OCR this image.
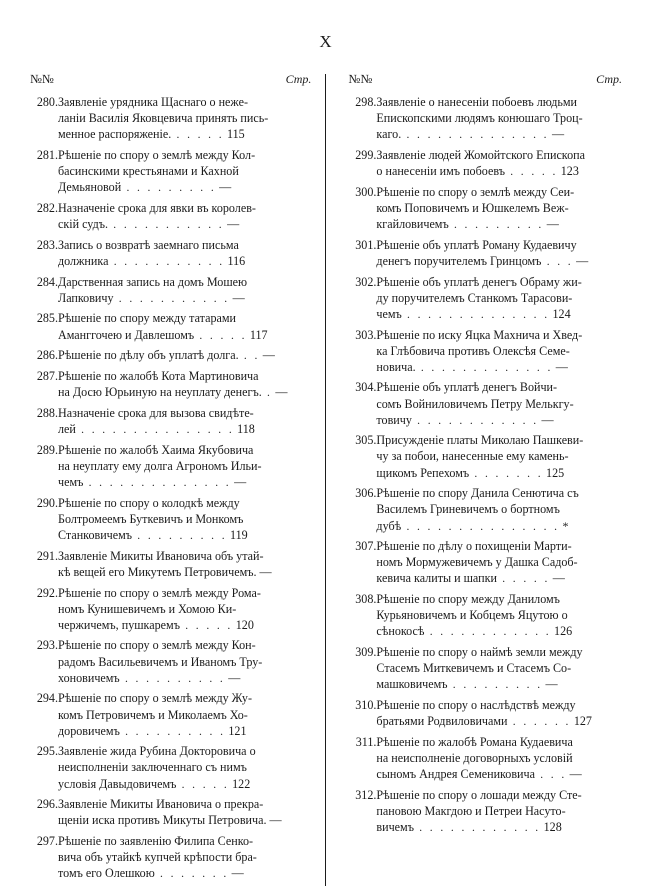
X
№№	Стр.
280.	Заявленіе урядника Щаснаго о неже-
ланіи Василія Яковцевича принять пись-
менное распоряженіе. . . . . . 115

281.	Рѣшеніе по спору о землѣ между Кол-
басинскими крестьянами и Кахной
Демьяновой . . . . . . . . . —

282.	Назначеніе срока для явки въ королев-
скій судъ. . . . . . . . . . . . —

283.	Запись о возвратѣ заемнаго письма
должника . . . . . . . . . . . 116

284.	Дарственная запись на домъ Мошею
Лапковичу . . . . . . . . . . . —

285.	Рѣшеніе по спору между татарами
Аманггочею и Давлешомъ . . . . . 117

286.	Рѣшеніе по дѣлу объ уплатѣ долга. . . —

287.	Рѣшеніе по жалобѣ Кота Мартиновича
на Досю Юрьиную на неуплату денегъ. . —

288.	Назначеніе срока для вызова свидѣте-
лей . . . . . . . . . . . . . . . 118

289.	Рѣшеніе по жалобѣ Хаима Якубовича
на неуплату ему долга Агрономъ Ильи-
чемъ . . . . . . . . . . . . . . —

290.	Рѣшеніе по спору о колодкѣ между
Болтромеемъ Буткевичъ и Монкомъ
Станковичемъ . . . . . . . . . 119

291.	Заявленіе Микиты Ивановича объ утай-
кѣ вещей его Микутемъ Петровичемъ. —

292.	Рѣшеніе по спору о землѣ между Рома-
номъ Кунишевичемъ и Хомою Ки-
чержичемъ, пушкаремъ . . . . . 120

293.	Рѣшеніе по спору о землѣ между Кон-
радомъ Васильевичемъ и Иваномъ Тру-
хоновичемъ . . . . . . . . . . —

294.	Рѣшеніе по спору о землѣ между Жу-
комъ Петровичемъ и Миколаемъ Хо-
доровичемъ . . . . . . . . . . 121

295.	Заявленіе жида Рубина Докторовича о
неисполненіи заключеннаго съ нимъ
условія Давыдовичемъ . . . . . 122

296.	Заявленіе Микиты Ивановича о прекра-
щеніи иска противъ Микуты Петровича. —

297.	Рѣшеніе по заявленію Филипа Сенко-
вича объ утайкѣ купчей крѣпости бра-
томъ его Олешкою . . . . . . . —
№№	Стр.
298.	Заявленіе о нанесеніи побоевъ людьми
Епископскими людямъ конюшаго Троц-
каго. . . . . . . . . . . . . . . —

299.	Заявленіе людей Жомойтского Епископа
о нанесеніи имъ побоевъ . . . . . 123

300.	Рѣшеніе по спору о землѣ между Сеи-
комъ Поповичемъ и Юшкелемъ Веж-
кгайловичемъ . . . . . . . . . —

301.	Рѣшеніе объ уплатѣ Роману Кудаевичу
денегъ поручителемъ Гринцомъ . . . —

302.	Рѣшеніе объ уплатѣ денегъ Обрамy жи-
ду поручителемъ Станкомъ Тарасови-
чемъ . . . . . . . . . . . . . . 124

303.	Рѣшеніе по иску Яцка Махнича и Хвед-
ка Глѣбовича противъ Олексѣя Семе-
новича. . . . . . . . . . . . . . —

304.	Рѣшеніе объ уплатѣ денегъ Войчи-
сомъ Войниловичемъ Петру Мелькгу-
товичу . . . . . . . . . . . . —

305.	Присужденіе платы Миколаю Пашкеви-
чу за побои, нанесенные ему камень-
щикомъ Репехомъ . . . . . . . 125

306.	Рѣшеніе по спору Данила Сенютича съ
Василемъ Гриневичемъ о бортномъ
дубѣ . . . . . . . . . . . . . . . *

307.	Рѣшеніе по дѣлу о похищеніи Марти-
номъ Мормужевичемъ у Дашка Садоб-
кевича калиты и шапки . . . . . —

308.	Рѣшеніе по спору между Даниломъ
Курьяновичемъ и Кобцемъ Яцутою о
сѣнокосѣ . . . . . . . . . . . . 126

309.	Рѣшеніе по спору о наймѣ земли между
Стасемъ Миткевичемъ и Стасемъ Со-
машковичемъ . . . . . . . . . —

310.	Рѣшеніе по спору о наслѣдствѣ между
братьями Родвиловичами . . . . . . 127

311.	Рѣшеніе по жалобѣ Романа Кудаевича
на неисполненіе договорныхъ условій
сыномъ Андрея Семениковича . . . —

312.	Рѣшеніе по спору о лошади между Сте-
пановою Макгдою и Петреи Насуто-
вичемъ . . . . . . . . . . . . 128
